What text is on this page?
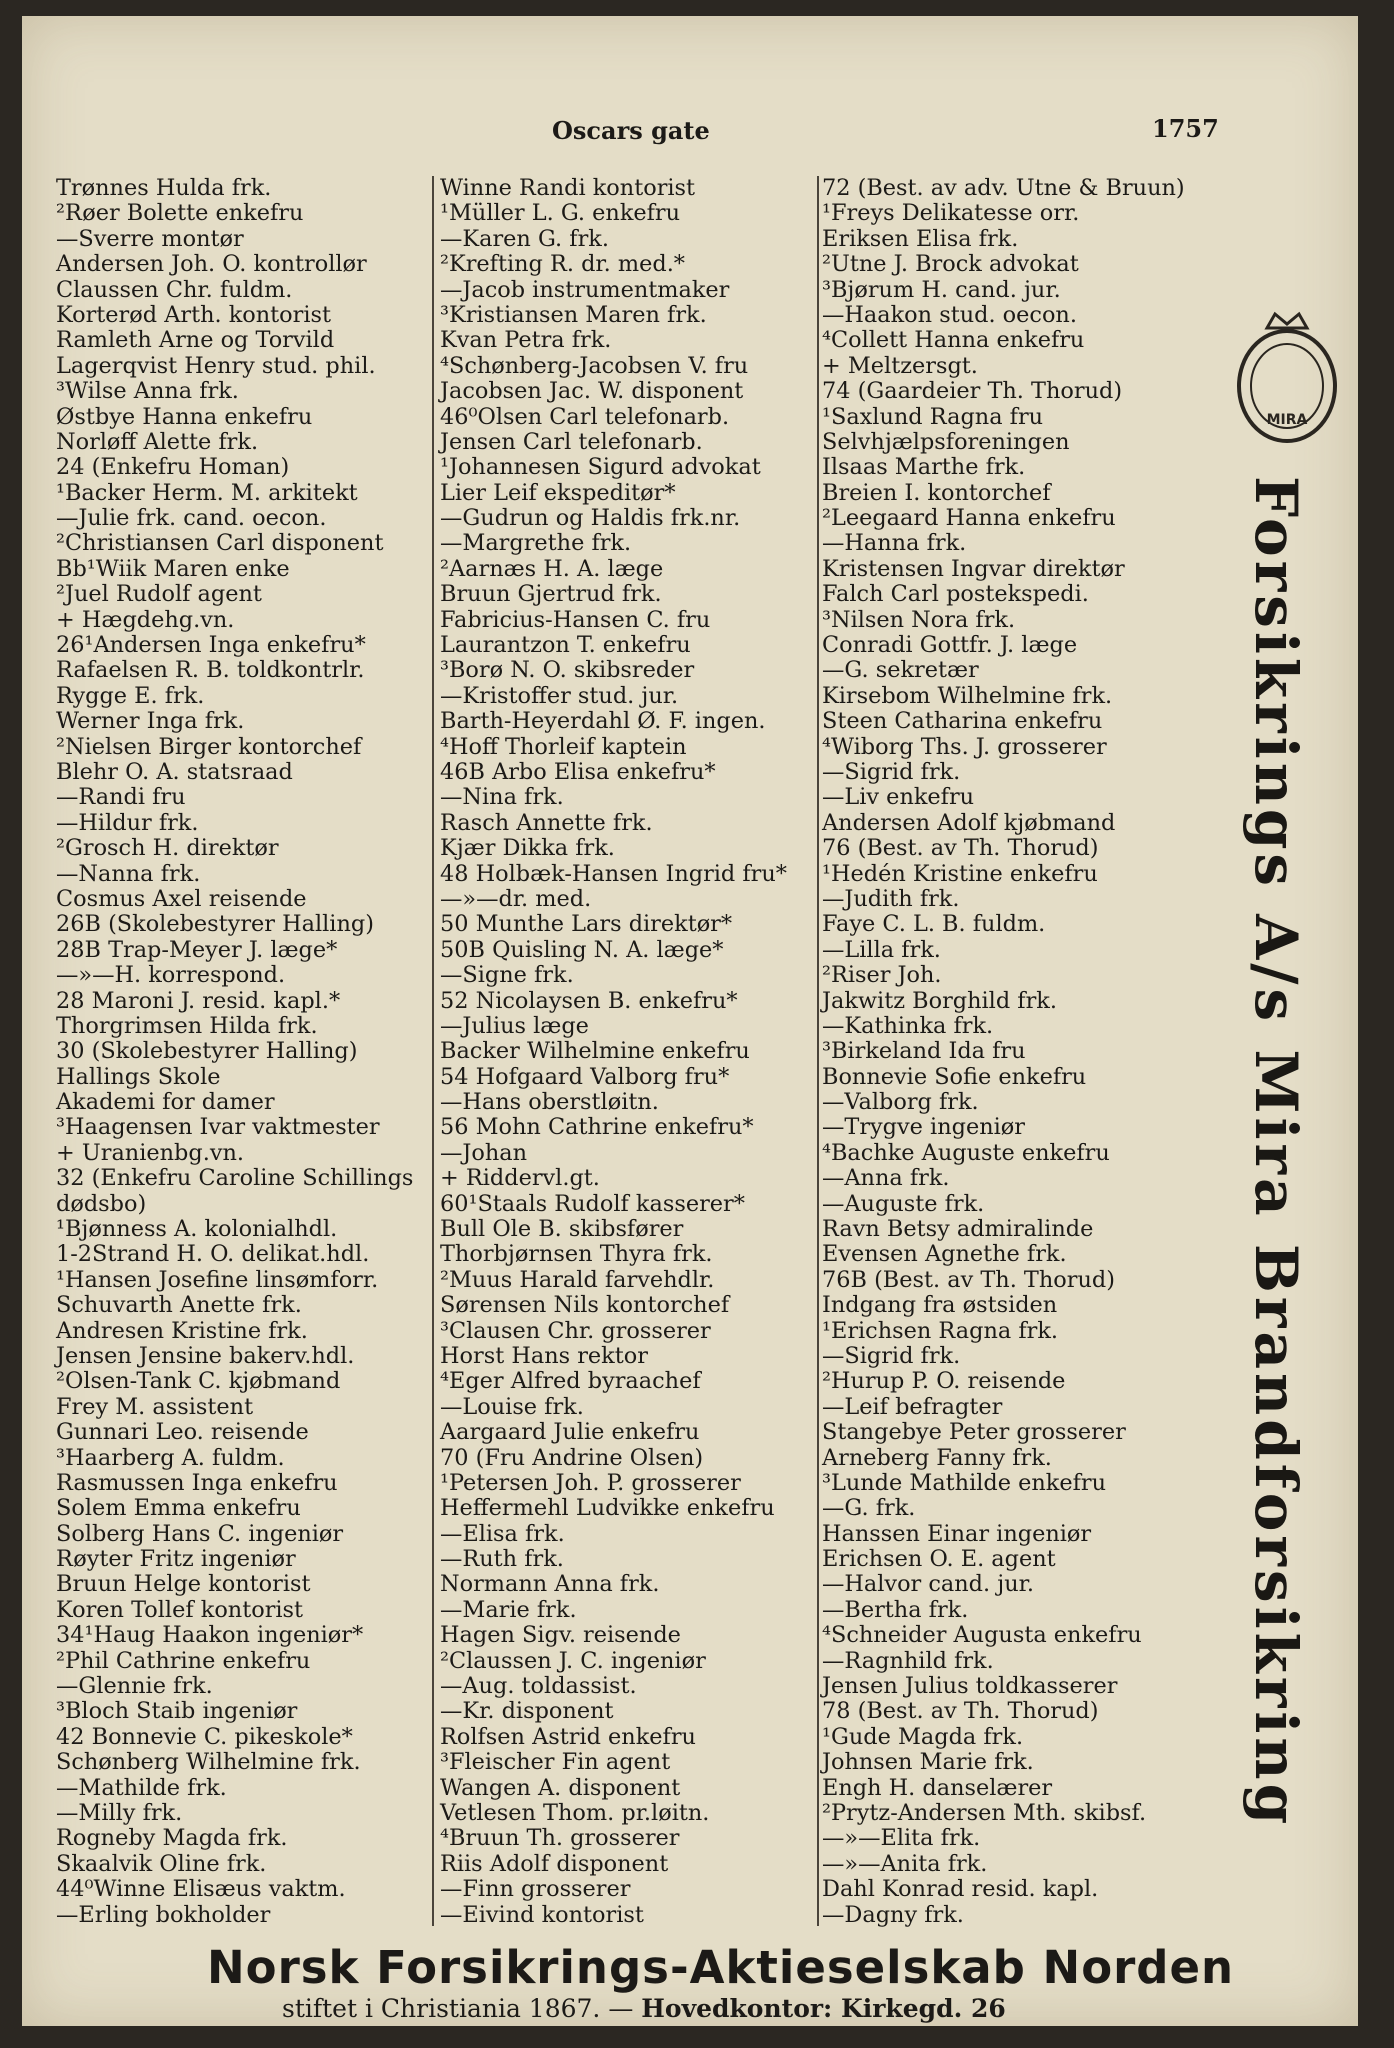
Oscars gate	1757
Trønnes Hulda frk.
²Røer Bolette enkefru
—Sverre montør
Andersen Joh. O. kontrollør
Claussen Chr. fuldm.
Korterød Arth. kontorist
Ramleth Arne og Torvild
Lagerqvist Henry stud. phil.
³Wilse Anna frk.
Østbye Hanna enkefru
Norløff Alette frk.
24 (Enkefru Homan)
¹Backer Herm. M. arkitekt
—Julie frk. cand. oecon.
²Christiansen Carl disponent
Bb¹Wiik Maren enke
²Juel Rudolf agent
+ Hægdehg.vn.
26¹Andersen Inga enkefru*
Rafaelsen R. B. toldkontrlr.
Rygge E. frk.
Werner Inga frk.
²Nielsen Birger kontorchef
Blehr O. A. statsraad
—Randi fru
—Hildur frk.
²Grosch H. direktør
—Nanna frk.
Cosmus Axel reisende
26B (Skolebestyrer Halling)
28B Trap-Meyer J. læge*
—»—H. korrespond.
28 Maroni J. resid. kapl.*
Thorgrimsen Hilda frk.
30 (Skolebestyrer Halling)
Hallings Skole
Akademi for damer
³Haagensen Ivar vaktmester
+ Uranienbg.vn.
32 (Enkefru Caroline Schillings
dødsbo)
¹Bjønness A. kolonialhdl.
1-2Strand H. O. delikat.hdl.
¹Hansen Josefine linsømforr.
Schuvarth Anette frk.
Andresen Kristine frk.
Jensen Jensine bakerv.hdl.
²Olsen-Tank C. kjøbmand
Frey M. assistent
Gunnari Leo. reisende
³Haarberg A. fuldm.
Rasmussen Inga enkefru
Solem Emma enkefru
Solberg Hans C. ingeniør
Røyter Fritz ingeniør
Bruun Helge kontorist
Koren Tollef kontorist
34¹Haug Haakon ingeniør*
²Phil Cathrine enkefru
—Glennie frk.
³Bloch Staib ingeniør
42 Bonnevie C. pikeskole*
Schønberg Wilhelmine frk.
—Mathilde frk.
—Milly frk.
Rogneby Magda frk.
Skaalvik Oline frk.
44⁰Winne Elisæus vaktm.
—Erling bokholder
Winne Randi kontorist
¹Müller L. G. enkefru
—Karen G. frk.
²Krefting R. dr. med.*
—Jacob instrumentmaker
³Kristiansen Maren frk.
Kvan Petra frk.
⁴Schønberg-Jacobsen V. fru
Jacobsen Jac. W. disponent
46⁰Olsen Carl telefonarb.
Jensen Carl telefonarb.
¹Johannesen Sigurd advokat
Lier Leif ekspeditør*
—Gudrun og Haldis frk.nr.
—Margrethe frk.
²Aarnæs H. A. læge
Bruun Gjertrud frk.
Fabricius-Hansen C. fru
Laurantzon T. enkefru
³Borø N. O. skibsreder
—Kristoffer stud. jur.
Barth-Heyerdahl Ø. F. ingen.
⁴Hoff Thorleif kaptein
46B Arbo Elisa enkefru*
—Nina frk.
Rasch Annette frk.
Kjær Dikka frk.
48 Holbæk-Hansen Ingrid fru*
—»—dr. med.
50 Munthe Lars direktør*
50B Quisling N. A. læge*
—Signe frk.
52 Nicolaysen B. enkefru*
—Julius læge
Backer Wilhelmine enkefru
54 Hofgaard Valborg fru*
—Hans oberstløitn.
56 Mohn Cathrine enkefru*
—Johan
+ Riddervl.gt.
60¹Staals Rudolf kasserer*
Bull Ole B. skibsfører
Thorbjørnsen Thyra frk.
²Muus Harald farvehdlr.
Sørensen Nils kontorchef
³Clausen Chr. grosserer
Horst Hans rektor
⁴Eger Alfred byraachef
—Louise frk.
Aargaard Julie enkefru
70 (Fru Andrine Olsen)
¹Petersen Joh. P. grosserer
Heffermehl Ludvikke enkefru
—Elisa frk.
—Ruth frk.
Normann Anna frk.
—Marie frk.
Hagen Sigv. reisende
²Claussen J. C. ingeniør
—Aug. toldassist.
—Kr. disponent
Rolfsen Astrid enkefru
³Fleischer Fin agent
Wangen A. disponent
Vetlesen Thom. pr.løitn.
⁴Bruun Th. grosserer
Riis Adolf disponent
—Finn grosserer
—Eivind kontorist
72 (Best. av adv. Utne & Bruun)
¹Freys Delikatesse orr.
Eriksen Elisa frk.
²Utne J. Brock advokat
³Bjørum H. cand. jur.
—Haakon stud. oecon.
⁴Collett Hanna enkefru
+ Meltzersgt.
74 (Gaardeier Th. Thorud)
¹Saxlund Ragna fru
Selvhjælpsforeningen
Ilsaas Marthe frk.
Breien I. kontorchef
²Leegaard Hanna enkefru
—Hanna frk.
Kristensen Ingvar direktør
Falch Carl postekspedi.
³Nilsen Nora frk.
Conradi Gottfr. J. læge
—G. sekretær
Kirsebom Wilhelmine frk.
Steen Catharina enkefru
⁴Wiborg Ths. J. grosserer
—Sigrid frk.
—Liv enkefru
Andersen Adolf kjøbmand
76 (Best. av Th. Thorud)
¹Hedén Kristine enkefru
—Judith frk.
Faye C. L. B. fuldm.
—Lilla frk.
²Riser Joh.
Jakwitz Borghild frk.
—Kathinka frk.
³Birkeland Ida fru
Bonnevie Sofie enkefru
—Valborg frk.
—Trygve ingeniør
⁴Bachke Auguste enkefru
—Anna frk.
—Auguste frk.
Ravn Betsy admiralinde
Evensen Agnethe frk.
76B (Best. av Th. Thorud)
Indgang fra østsiden
¹Erichsen Ragna frk.
—Sigrid frk.
²Hurup P. O. reisende
—Leif befragter
Stangebye Peter grosserer
Arneberg Fanny frk.
³Lunde Mathilde enkefru
—G. frk.
Hanssen Einar ingeniør
Erichsen O. E. agent
—Halvor cand. jur.
—Bertha frk.
⁴Schneider Augusta enkefru
—Ragnhild frk.
Jensen Julius toldkasserer
78 (Best. av Th. Thorud)
¹Gude Magda frk.
Johnsen Marie frk.
Engh H. danselærer
²Prytz-Andersen Mth. skibsf.
—»—Elita frk.
—»—Anita frk.
Dahl Konrad resid. kapl.
—Dagny frk.
MIRA
Forsikrings A/s Mira Brandforsikring
Norsk Forsikrings-Aktieselskab Norden
stiftet i Christiania 1867. — Hovedkontor: Kirkegd. 26
